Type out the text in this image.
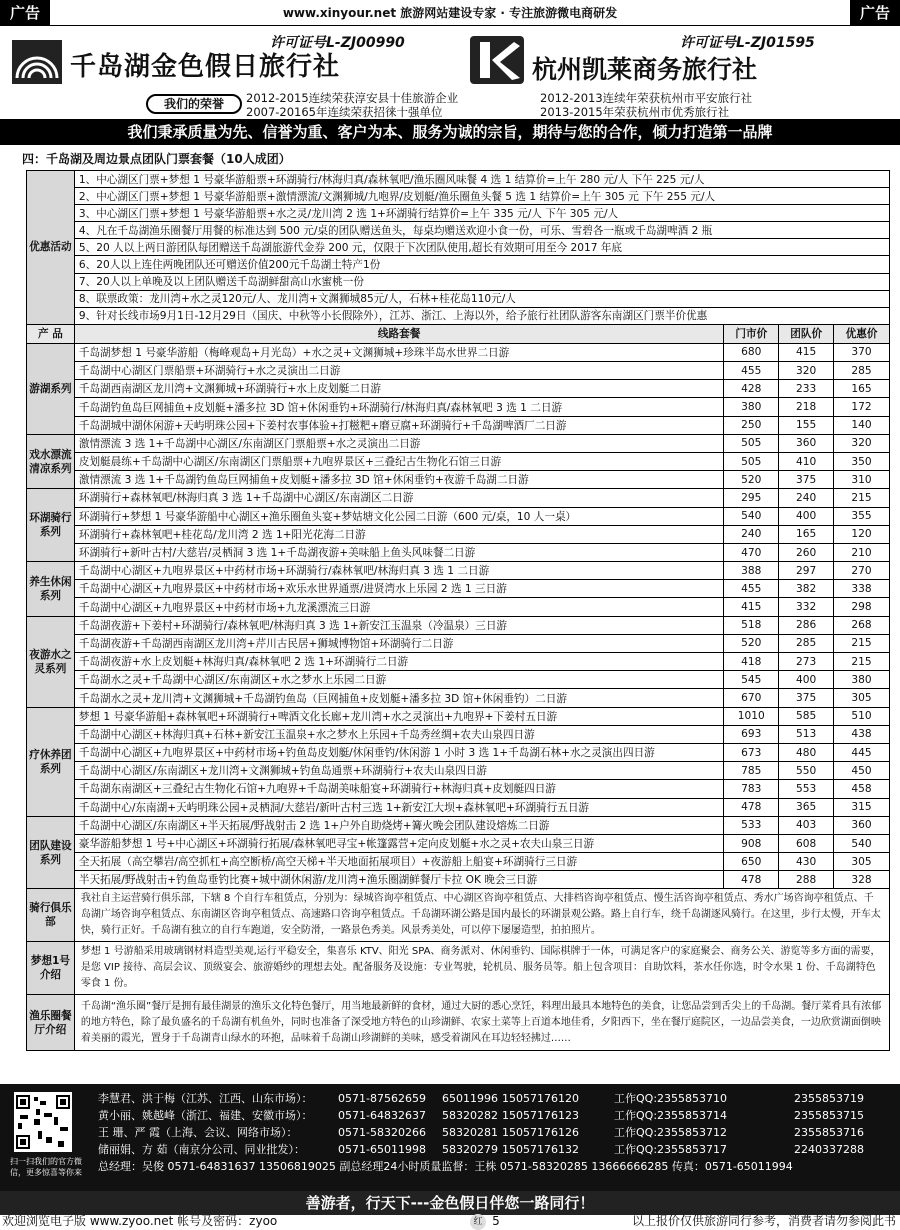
广告	www.xinyour.net 旅游网站建设专家 · 专注旅游微电商研发	广告
许可证号L-ZJ00990
千岛湖金色假日旅行社
许可证号L-ZJ01595
杭州凯莱商务旅行社
我们的荣誉	2012-2015连续荣获淳安县十佳旅游企业	2012-2013连续年荣获杭州市平安旅行社
2007-20165年连续荣获招徕十强单位	2013-2015年荣获杭州市优秀旅行社
我们秉承质量为先、信誉为重、客户为本、服务为诚的宗旨，期待与您的合作，倾力打造第一品牌
四：千岛湖及周边景点团队门票套餐（10人成团）
优惠活动	1、中心湖区门票+梦想 1 号豪华游船票+环湖骑行/林海归真/森林氧吧/渔乐圈风味餐 4 选 1 结算价=上午 280 元/人 下午 225 元/人			
	2、中心湖区门票+梦想 1 号豪华游船票+激情漂流/文渊狮城/九咆界/皮划艇/渔乐圈鱼头餐 5 选 1 结算价=上午 305 元 下午 255 元/人			
	3、中心湖区门票+梦想 1 号豪华游船票+水之灵/龙川湾 2 选 1+环湖骑行结算价=上午 335 元/人 下午 305 元/人			
	4、凡在千岛湖渔乐圈餐厅用餐的标准达到 500 元/桌的团队赠送鱼头，每桌均赠送欢迎小食一份，可乐、雪碧各一瓶或千岛湖啤酒 2 瓶			
	5、20 人以上两日游团队每团赠送千岛湖旅游代金券 200 元，仅限于下次团队使用,超长有效期可用至今 2017 年底			
	6、20人以上连住两晚团队还可赠送价值200元千岛湖土特产1份			
	7、20人以上单晚及以上团队赠送千岛湖鲜甜高山水蜜桃一份			
	8、联票政策：龙川湾+水之灵120元/人、龙川湾+文渊狮城85元/人，石林+桂花岛110元/人			
	9、针对长线市场9月1日-12月29日（国庆、中秋等小长假除外），江苏、浙江、上海以外，给予旅行社团队游客东南湖区门票半价优惠			
产 品	线路套餐	门市价	团队价	优惠价
游湖系列	千岛湖梦想 1 号豪华游船（梅峰观岛+月光岛）+水之灵+文渊狮城+珍珠半岛水世界二日游	680	415	370
	千岛湖中心湖区门票船票+环湖骑行+水之灵演出二日游	455	320	285
	千岛湖西南湖区龙川湾+文渊狮城+环湖骑行+水上皮划艇二日游	428	233	165
	千岛湖钓鱼岛巨网捕鱼+皮划艇+潘多拉 3D 馆+休闲垂钓+环湖骑行/林海归真/森林氧吧 3 选 1 二日游	380	218	172
	千岛湖城中湖休闲游+天屿明珠公园+下姜村农事体验+打糍粑+磨豆腐+环湖骑行+千岛湖啤酒厂二日游	250	155	140
戏水漂流清凉系列	激情漂流 3 选 1+千岛湖中心湖区/东南湖区门票船票+水之灵演出二日游	505	360	320
	皮划艇晨练+千岛湖中心湖区/东南湖区门票船票+九咆界景区+三叠纪古生物化石馆三日游	505	410	350
	激情漂流 3 选 1+千岛湖钓鱼岛巨网捕鱼+皮划艇+潘多拉 3D 馆+休闲垂钓+夜游千岛湖二日游	520	375	310
环湖骑行系列	环湖骑行+森林氧吧/林海归真 3 选 1+千岛湖中心湖区/东南湖区二日游	295	240	215
	环湖骑行+梦想 1 号豪华游船中心湖区+渔乐圈鱼头宴+梦姑塘文化公园二日游（600 元/桌，10 人一桌）	540	400	355
	环湖骑行+森林氧吧+桂花岛/龙川湾 2 选 1+阳光花海二日游	240	165	120
	环湖骑行+新叶古村/大慈岩/灵栖洞 3 选 1+千岛湖夜游+美味船上鱼头风味餐二日游	470	260	210
养生休闲系列	千岛湖中心湖区+九咆界景区+中药材市场+环湖骑行/森林氧吧/林海归真 3 选 1 二日游	388	297	270
	千岛湖中心湖区+九咆界景区+中药材市场+欢乐水世界通票/进贤湾水上乐园 2 选 1 三日游	455	382	338
	千岛湖中心湖区+九咆界景区+中药材市场+九龙溪漂流三日游	415	332	298
夜游水之灵系列	千岛湖夜游+下姜村+环湖骑行/森林氧吧/林海归真 3 选 1+新安江玉温泉（冷温泉）三日游	518	286	268
	千岛湖夜游+千岛湖西南湖区龙川湾+芹川古民居+狮城博物馆+环湖骑行二日游	520	285	215
	千岛湖夜游+水上皮划艇+林海归真/森林氧吧 2 选 1+环湖骑行二日游	418	273	215
	千岛湖水之灵+千岛湖中心湖区/东南湖区+水之梦水上乐园二日游	545	400	380
	千岛湖水之灵+龙川湾+文渊狮城+千岛湖钓鱼岛（巨网捕鱼+皮划艇+潘多拉 3D 馆+休闲垂钓）二日游	670	375	305
疗休养团系列	梦想 1 号豪华游船+森林氧吧+环湖骑行+啤酒文化长廊+龙川湾+水之灵演出+九咆界+下姜村五日游	1010	585	510
	千岛湖中心湖区+林海归真+石林+新安江玉温泉+水之梦水上乐园+千岛秀丝绸+农夫山泉四日游	693	513	438
	千岛湖中心湖区+九咆界景区+中药材市场+钓鱼岛皮划艇/休闲垂钓/休闲游 1 小时 3 选 1+千岛湖石林+水之灵演出四日游	673	480	445
	千岛湖中心湖区/东南湖区+龙川湾+文渊狮城+钓鱼岛通票+环湖骑行+农夫山泉四日游	785	550	450
	千岛湖东南湖区+三叠纪古生物化石馆+九咆界+千岛湖美味船宴+环湖骑行+林海归真+皮划艇四日游	783	553	458
	千岛湖中心/东南湖+天屿明珠公园+灵栖洞/大慈岩/新叶古村三选 1+新安江大坝+森林氧吧+环湖骑行五日游	478	365	315
团队建设系列	千岛湖中心湖区/东南湖区+半天拓展/野战射击 2 选 1+户外自助烧烤+篝火晚会团队建设熔炼二日游	533	403	360
	豪华游船梦想 1 号+中心湖区+环湖骑行拓展/森林氧吧寻宝+帐篷露营+定向皮划艇+水之灵+农夫山泉三日游	908	608	540
	全天拓展（高空攀岩/高空抓杠+高空断桥/高空天梯+半天地面拓展项目）+夜游船上船宴+环湖骑行三日游	650	430	305
	半天拓展/野战射击+钓鱼岛垂钓比赛+城中湖休闲游/龙川湾+渔乐圈湖鲜餐厅卡拉 OK 晚会三日游	478	288	328
骑行俱乐部	我社自主运营骑行俱乐部，下辖 8 个自行车租赁点，分别为：绿城咨询亭租赁点、中心湖区咨询亭租赁点、大排档咨询亭租赁点、慢生活咨询亭租赁点、秀水广场咨询亭租赁点、千岛湖广场咨询亭租赁点、东南湖区咨询亭租赁点、高速路口咨询亭租赁点。千岛湖环湖公路是国内最长的环湖景观公路。路上自行车，绕千岛湖逐风骑行。在这里，步行太慢，开车太快，骑行正好。千岛湖有独立的自行车跑道，安全防滑，一路景色秀美。风景秀美处，可以停下屡屡造型，拍拍照片。			
梦想1号介绍	梦想 1 号游船采用玻璃钢材料造型美观,运行平稳安全，集喜乐 KTV、阳光 SPA、商务派对、休闲垂钓、国际棋牌于一体，可满足客户的家庭聚会、商务公关、游览等多方面的需要，是您 VIP 接待、高层会议、顶级宴会、旅游婚纱的理想去处。配备服务及设施：专业驾驶，轮机员、服务员等。船上包含项目：自助饮料，茶水任你选，时令水果 1 份、千岛湖特色零食 1 份。			
渔乐圈餐厅介绍	千岛湖“渔乐圈”餐厅是拥有最佳湖景的渔乐文化特色餐厅，用当地最新鲜的食材，通过大厨的悉心烹饪，料理出最具本地特色的美食，让您品尝到舌尖上的千岛湖。餐厅菜肴具有浓郁的地方特色，除了最负盛名的千岛湖有机鱼外，同时也准备了深受地方特色的山珍湖鲜、农家土菜等上百道本地佳肴，夕阳西下，坐在餐厅庭院区，一边品尝美食，一边欣赏湖面倒映着美丽的霞光，置身于千岛湖青山绿水的环抱，品味着千岛湖山珍湖鲜的美味，感受着湖风在耳边轻轻拂过……			
扫一扫我们的官方微信，更多惊喜等你来
李慧君、洪于梅（江苏、江西、山东市场）： 0571-87562659 65011996 15057176120	工作QQ:2355853710	2355853719
黄小丽、姚越峰（浙江、福建、安徽市场）： 0571-64832637 58320282 15057176123	工作QQ:2355853714	2355853715
王 珊、严 霞（上海、会议、网络市场）：	0571-58320266 58320281 15057176126	工作QQ:2355853712	2355853716
储丽娟、方 茹（南京分公司、同业批发）：	0571-65011998 58320279 15057176132	工作QQ:2355853717	2240337288
总经理：吴俊 0571-64831637 13506819025 副总经理24小时质量监督：王株 0571-58320285 13666666285 传真：0571-65011994
善游者，行天下---金色假日伴您一路同行！
欢迎浏览电子版 www.zyoo.net 帐号及密码：zyoo	红 5	以上报价仅供旅游同行参考，消费者请勿参阅此书
